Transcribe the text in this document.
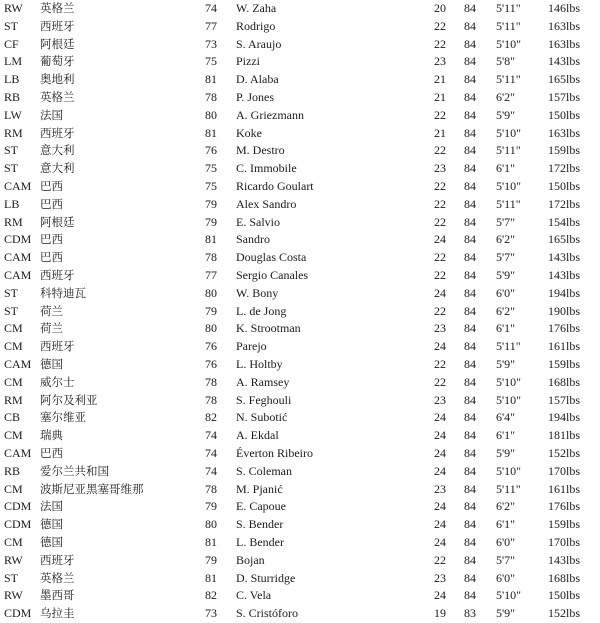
RW	英格兰	74		W. Zaha	20	84		5'11"	146lbs
ST	西班牙	77		Rodrigo	22	84		5'11"	163lbs
CF	阿根廷	73		S. Araujo	22	84		5'10"	163lbs
LM	葡萄牙	75		Pizzi	23	84		5'8"	143lbs
LB	奥地利	81		D. Alaba	21	84		5'11"	165lbs
RB	英格兰	78		P. Jones	21	84		6'2"	157lbs
LW	法国	80		A. Griezmann	22	84		5'9"	150lbs
RM	西班牙	81		Koke	21	84		5'10"	163lbs
ST	意大利	76		M. Destro	22	84		5'11"	159lbs
ST	意大利	75		C. Immobile	23	84		6'1"	172lbs
CAM	巴西	75		Ricardo Goulart	22	84		5'10"	150lbs
LB	巴西	79		Alex Sandro	22	84		5'11"	172lbs
RM	阿根廷	79		E. Salvio	22	84		5'7"	154lbs
CDM	巴西	81		Sandro	24	84		6'2"	165lbs
CAM	巴西	78		Douglas Costa	22	84		5'7"	143lbs
CAM	西班牙	77		Sergio Canales	22	84		5'9"	143lbs
ST	科特迪瓦	80		W. Bony	24	84		6'0"	194lbs
ST	荷兰	79		L. de Jong	22	84		6'2"	190lbs
CM	荷兰	80		K. Strootman	23	84		6'1"	176lbs
CM	西班牙	76		Parejo	24	84		5'11"	161lbs
CAM	德国	76		L. Holtby	22	84		5'9"	159lbs
CM	威尔士	78		A. Ramsey	22	84		5'10"	168lbs
RM	阿尔及利亚	78		S. Feghouli	23	84		5'10"	157lbs
CB	塞尔维亚	82		N. Subotić	24	84		6'4"	194lbs
CM	瑞典	74		A. Ekdal	24	84		6'1"	181lbs
CAM	巴西	74		Éverton Ribeiro	24	84		5'9"	152lbs
RB	爱尔兰共和国	74		S. Coleman	24	84		5'10"	170lbs
CM	波斯尼亚黑塞哥维那	78		M. Pjanić	23	84		5'11"	161lbs
CDM	法国	79		E. Capoue	24	84		6'2"	176lbs
CDM	德国	80		S. Bender	24	84		6'1"	159lbs
CM	德国	81		L. Bender	24	84		6'0"	170lbs
RW	西班牙	79		Bojan	22	84		5'7"	143lbs
ST	英格兰	81		D. Sturridge	23	84		6'0"	168lbs
RW	墨西哥	82		C. Vela	24	84		5'10"	150lbs
CDM	乌拉圭	73		S. Cristóforo	19	83		5'9"	152lbs
